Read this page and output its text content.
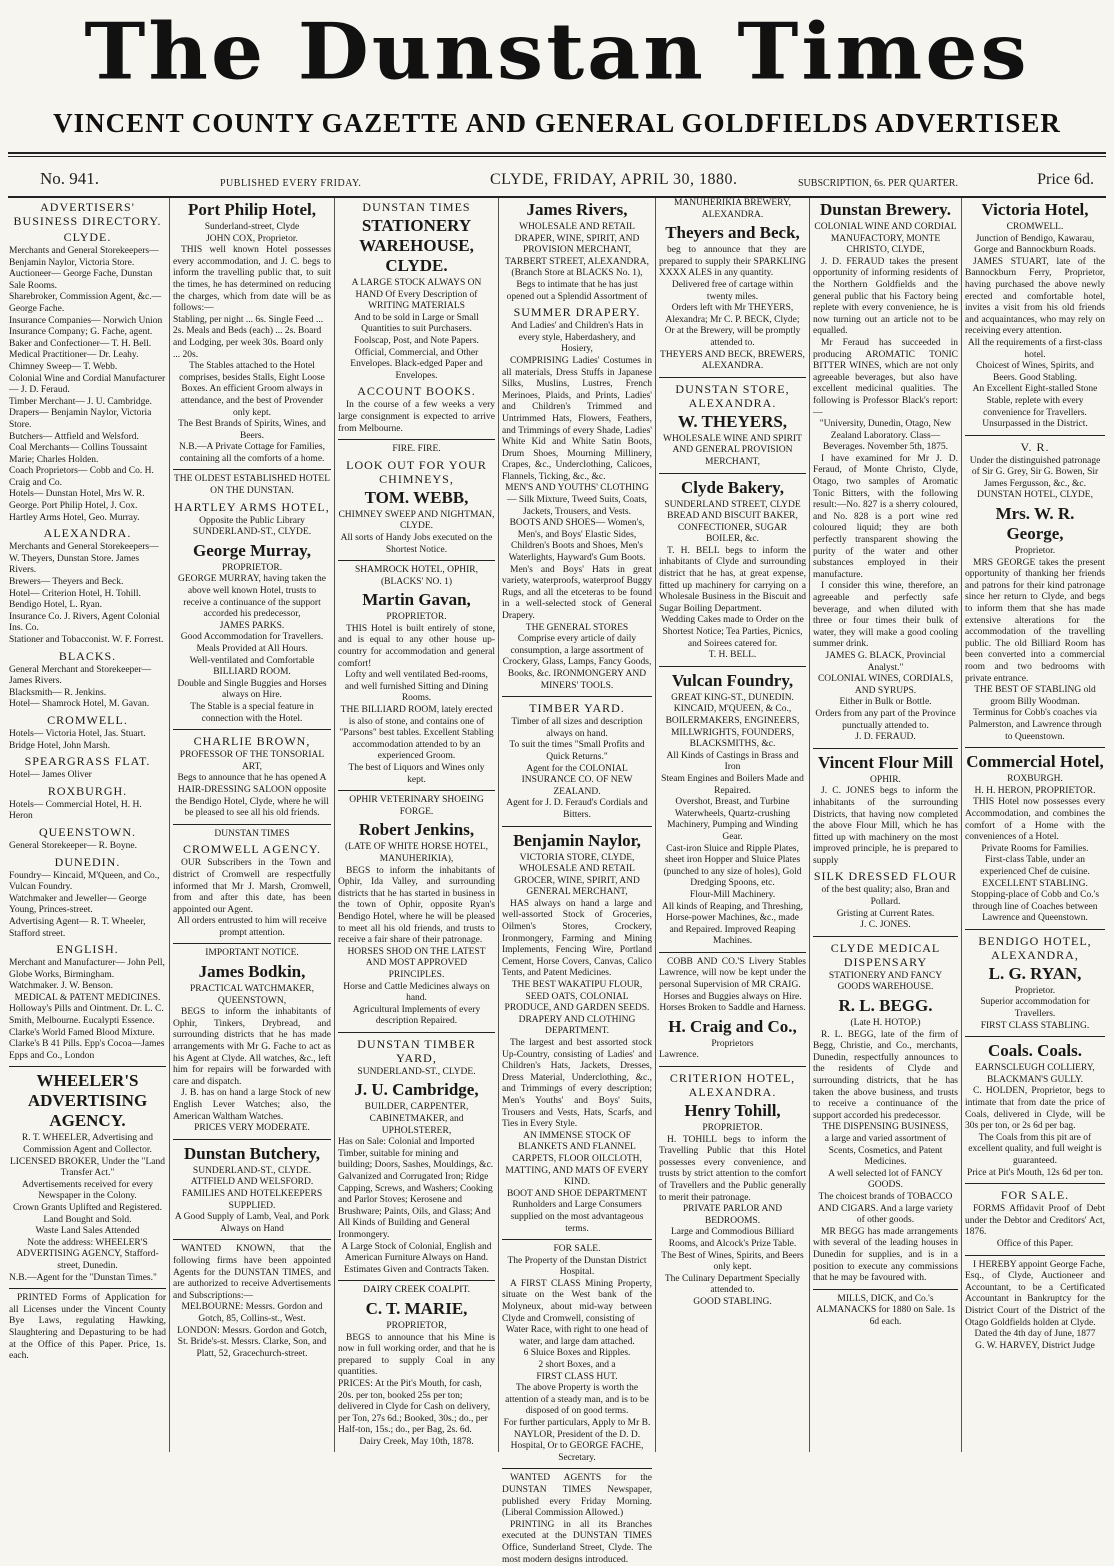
The Dunstan Times
VINCENT COUNTY GAZETTE AND GENERAL GOLDFIELDS ADVERTISER
No. 941.	PUBLISHED EVERY FRIDAY.	CLYDE, FRIDAY, APRIL 30, 1880.	SUBSCRIPTION, 6s. PER QUARTER.	Price 6d.
ADVERTISERS' BUSINESS DIRECTORY.
CLYDE.
Merchants and General Storekeepers— Benjamin Naylor, Victoria Store.
Auctioneer— George Fache, Dunstan Sale Rooms.
Sharebroker, Commission Agent, &c.— George Fache.
Insurance Companies— Norwich Union Insurance Company; G. Fache, agent.
Baker and Confectioner— T. H. Bell.
Medical Practitioner— Dr. Leahy.
Chimney Sweep— T. Webb.
Colonial Wine and Cordial Manufacturer— J. D. Feraud.
Timber Merchant— J. U. Cambridge.
Drapers— Benjamin Naylor, Victoria Store.
Butchers— Attfield and Welsford.
Coal Merchants— Collins Toussaint Marie; Charles Holden.
Coach Proprietors— Cobb and Co. H. Craig and Co.
Hotels— Dunstan Hotel, Mrs W. R. George. Port Philip Hotel, J. Cox. Hartley Arms Hotel, Geo. Murray.
ALEXANDRA.
Merchants and General Storekeepers— W. Theyers, Dunstan Store. James Rivers.
Brewers— Theyers and Beck.
Hotel— Criterion Hotel, H. Tohill. Bendigo Hotel, L. Ryan.
Insurance Co. J. Rivers, Agent Colonial Ins. Co.
Stationer and Tobacconist. W. F. Forrest.
BLACKS.
General Merchant and Storekeeper— James Rivers.
Blacksmith— R. Jenkins.
Hotel— Shamrock Hotel, M. Gavan.
CROMWELL.
Hotels— Victoria Hotel, Jas. Stuart. Bridge Hotel, John Marsh.
SPEARGRASS FLAT.
Hotel— James Oliver
ROXBURGH.
Hotels— Commercial Hotel, H. H. Heron
QUEENSTOWN.
General Storekeeper— R. Boyne.
DUNEDIN.
Foundry— Kincaid, M'Queen, and Co., Vulcan Foundry.
Watchmaker and Jeweller— George Young, Princes-street.
Advertising Agent— R. T. Wheeler, Stafford street.
ENGLISH.
Merchant and Manufacturer— John Pell, Globe Works, Birmingham.
Watchmaker. J. W. Benson.
MEDICAL & PATENT MEDICINES.
Holloway's Pills and Ointment. Dr. L. C. Smith, Melbourne. Eucalypti Essence. Clarke's World Famed Blood Mixture. Clarke's B 41 Pills. Epp's Cocoa—James Epps and Co., London
WHEELER'S ADVERTISING AGENCY.
R. T. WHEELER, Advertising and Commission Agent and Collector.
LICENSED BROKER, Under the "Land Transfer Act."
Advertisements received for every Newspaper in the Colony.
Crown Grants Uplifted and Registered.
Land Bought and Sold.
Waste Land Sales Attended
Note the address: WHEELER'S ADVERTISING AGENCY, Stafford-street, Dunedin.
N.B.—Agent for the "Dunstan Times."
PRINTED Forms of Application for all Licenses under the Vincent County Bye Laws, regulating Hawking, Slaughtering and Depasturing to be had at the Office of this Paper. Price, 1s. each.
Port Philip Hotel,
Sunderland-street, Clyde
JOHN COX, Proprietor.
THIS well known Hotel possesses every accommodation, and J. C. begs to inform the travelling public that, to suit the times, he has determined on reducing the charges, which from date will be as follows:—
Stabling, per night ... 6s. Single Feed ... 2s. Meals and Beds (each) ... 2s. Board and Lodging, per week 30s. Board only ... 20s.
The Stables attached to the Hotel comprises, besides Stalls, Eight Loose Boxes. An efficient Groom always in attendance, and the best of Provender only kept.
The Best Brands of Spirits, Wines, and Beers.
N.B.—A Private Cottage for Families, containing all the comforts of a home.
THE OLDEST ESTABLISHED HOTEL ON THE DUNSTAN.
HARTLEY ARMS HOTEL,
Opposite the Public Library SUNDERLAND-ST., CLYDE.
George Murray,
PROPRIETOR.
GEORGE MURRAY, having taken the above well known Hotel, trusts to receive a continuance of the support accorded his predecessor,
JAMES PARKS.
Good Accommodation for Travellers. Meals Provided at All Hours.
Well-ventilated and Comfortable BILLIARD ROOM.
Double and Single Buggies and Horses always on Hire.
The Stable is a special feature in connection with the Hotel.
CHARLIE BROWN,
PROFESSOR OF THE TONSORIAL ART,
Begs to announce that he has opened A HAIR-DRESSING SALOON opposite the Bendigo Hotel, Clyde, where he will be pleased to see all his old friends.
DUNSTAN TIMES
CROMWELL AGENCY.
OUR Subscribers in the Town and district of Cromwell are respectfully informed that Mr J. Marsh, Cromwell, from and after this date, has been appointed our Agent.
All orders entrusted to him will receive prompt attention.
IMPORTANT NOTICE.
James Bodkin,
PRACTICAL WATCHMAKER, QUEENSTOWN,
BEGS to inform the inhabitants of Ophir, Tinkers, Drybread, and surrounding districts that he has made arrangements with Mr G. Fache to act as his Agent at Clyde. All watches, &c., left him for repairs will be forwarded with care and dispatch.
J. B. has on hand a large Stock of new English Lever Watches; also, the American Waltham Watches.
PRICES VERY MODERATE.
Dunstan Butchery,
SUNDERLAND-ST., CLYDE.
ATTFIELD AND WELSFORD.
FAMILIES AND HOTELKEEPERS SUPPLIED.
A Good Supply of Lamb, Veal, and Pork Always on Hand
WANTED KNOWN, that the following firms have been appointed Agents for the DUNSTAN TIMES, and are authorized to receive Advertisements and Subscriptions:—
MELBOURNE: Messrs. Gordon and Gotch, 85, Collins-st., West.
LONDON: Messrs. Gordon and Gotch, St. Bride's-st. Messrs. Clarke, Son, and Platt, 52, Gracechurch-street.
DUNSTAN TIMES
STATIONERY WAREHOUSE, CLYDE.
A LARGE STOCK ALWAYS ON HAND Of Every Description of WRITING MATERIALS
And to be sold in Large or Small Quantities to suit Purchasers.
Foolscap, Post, and Note Papers. Official, Commercial, and Other Envelopes. Black-edged Paper and Envelopes.
ACCOUNT BOOKS.
In the course of a few weeks a very large consignment is expected to arrive from Melbourne.
FIRE. FIRE.
LOOK OUT FOR YOUR CHIMNEYS,
TOM. WEBB,
CHIMNEY SWEEP AND NIGHTMAN, CLYDE.
All sorts of Handy Jobs executed on the Shortest Notice.
SHAMROCK HOTEL, OPHIR, (BLACKS' NO. 1)
Martin Gavan,
PROPRIETOR.
THIS Hotel is built entirely of stone, and is equal to any other house up-country for accommodation and general comfort!
Lofty and well ventilated Bed-rooms, and well furnished Sitting and Dining Rooms.
THE BILLIARD ROOM, lately erected is also of stone, and contains one of "Parsons" best tables. Excellent Stabling accommodation attended to by an experienced Groom.
The best of Liquors and Wines only kept.
OPHIR VETERINARY SHOEING FORGE.
Robert Jenkins,
(LATE OF WHITE HORSE HOTEL, MANUHERIKIA),
BEGS to inform the inhabitants of Ophir, Ida Valley, and surrounding districts that he has started in business in the town of Ophir, opposite Ryan's Bendigo Hotel, where he will be pleased to meet all his old friends, and trusts to receive a fair share of their patronage.
HORSES SHOD ON THE LATEST AND MOST APPROVED PRINCIPLES.
Horse and Cattle Medicines always on hand.
Agricultural Implements of every description Repaired.
DUNSTAN TIMBER YARD,
SUNDERLAND-ST., CLYDE.
J. U. Cambridge,
BUILDER, CARPENTER, CABINETMAKER, and UPHOLSTERER,
Has on Sale: Colonial and Imported Timber, suitable for mining and building; Doors, Sashes, Mouldings, &c. Galvanized and Corrugated Iron; Ridge Capping, Screws, and Washers; Cooking and Parlor Stoves; Kerosene and Brushware; Paints, Oils, and Glass; And All Kinds of Building and General Ironmongery.
A Large Stock of Colonial, English and American Furniture Always on Hand.
Estimates Given and Contracts Taken.
DAIRY CREEK COALPIT.
C. T. MARIE,
PROPRIETOR,
BEGS to announce that his Mine is now in full working order, and that he is prepared to supply Coal in any quantities.
PRICES: At the Pit's Mouth, for cash, 20s. per ton, booked 25s per ton; delivered in Clyde for Cash on delivery, per Ton, 27s 6d.; Booked, 30s.; do., per Half-ton, 15s.; do., per Bag, 2s. 6d.
Dairy Creek, May 10th, 1878.
James Rivers,
WHOLESALE AND RETAIL DRAPER, WINE, SPIRIT, AND PROVISION MERCHANT, TARBERT STREET, ALEXANDRA, (Branch Store at BLACKS No. 1),
Begs to intimate that he has just opened out a Splendid Assortment of
SUMMER DRAPERY.
And Ladies' and Children's Hats in every style, Haberdashery, and Hosiery,
COMPRISING Ladies' Costumes in all materials, Dress Stuffs in Japanese Silks, Muslins, Lustres, French Merinoes, Plaids, and Prints, Ladies' and Children's Trimmed and Untrimmed Hats, Flowers, Feathers, and Trimmings of every Shade, Ladies' White Kid and White Satin Boots, Drum Shoes, Mourning Millinery, Crapes, &c., Underclothing, Calicoes, Flannels, Ticking, &c., &c.
MEN'S AND YOUTHS' CLOTHING— Silk Mixture, Tweed Suits, Coats, Jackets, Trousers, and Vests.
BOOTS AND SHOES— Women's, Men's, and Boys' Elastic Sides, Children's Boots and Shoes, Men's Waterlights, Hayward's Gum Boots.
Men's and Boys' Hats in great variety, waterproofs, waterproof Buggy Rugs, and all the etceteras to be found in a well-selected stock of General Drapery.
THE GENERAL STORES
Comprise every article of daily consumption, a large assortment of Crockery, Glass, Lamps, Fancy Goods, Books, &c. IRONMONGERY AND MINERS' TOOLS.
TIMBER YARD.
Timber of all sizes and description always on hand.
To suit the times "Small Profits and Quick Returns."
Agent for the COLONIAL INSURANCE CO. OF NEW ZEALAND.
Agent for J. D. Feraud's Cordials and Bitters.
Benjamin Naylor,
VICTORIA STORE, CLYDE,
WHOLESALE AND RETAIL GROCER, WINE, SPIRIT, AND GENERAL MERCHANT,
HAS always on hand a large and well-assorted Stock of Groceries, Oilmen's Stores, Crockery, Ironmongery, Farming and Mining Implements, Fencing Wire, Portland Cement, Horse Covers, Canvas, Calico Tents, and Patent Medicines.
THE BEST WAKATIPU FLOUR, SEED OATS, COLONIAL PRODUCE, AND GARDEN SEEDS.
DRAPERY AND CLOTHING DEPARTMENT.
The largest and best assorted stock Up-Country, consisting of Ladies' and Children's Hats, Jackets, Dresses, Dress Material, Underclothing, &c., and Trimmings of every description; Men's Youths' and Boys' Suits, Trousers and Vests, Hats, Scarfs, and Ties in Every Style.
AN IMMENSE STOCK OF BLANKETS AND FLANNEL
CARPETS, FLOOR OILCLOTH, MATTING, AND MATS OF EVERY KIND.
BOOT AND SHOE DEPARTMENT
Runholders and Large Consumers supplied on the most advantageous terms.
FOR SALE.
The Property of the Dunstan District Hospital.
A FIRST CLASS Mining Property, situate on the West bank of the Molyneux, about mid-way between Clyde and Cromwell, consisting of
Water Race, with right to one head of water, and large dam attached.
6 Sluice Boxes and Ripples.
2 short Boxes, and a
FIRST CLASS HUT.
The above Property is worth the attention of a steady man, and is to be disposed of on good terms.
For further particulars, Apply to Mr B. NAYLOR, President of the D. D. Hospital, Or to GEORGE FACHE, Secretary.
WANTED AGENTS for the DUNSTAN TIMES Newspaper, published every Friday Morning. (Liberal Commission Allowed.)
PRINTING in all its Branches executed at the DUNSTAN TIMES Office, Sunderland Street, Clyde. The most modern designs introduced.
MANUHERIKIA BREWERY, ALEXANDRA.
Theyers and Beck,
beg to announce that they are prepared to supply their SPARKLING XXXX ALES in any quantity.
Delivered free of cartage within twenty miles.
Orders left with Mr THEYERS, Alexandra; Mr C. P. BECK, Clyde;
Or at the Brewery, will be promptly attended to.
THEYERS AND BECK, BREWERS, ALEXANDRA.
DUNSTAN STORE, ALEXANDRA.
W. THEYERS,
WHOLESALE WINE AND SPIRIT AND GENERAL PROVISION MERCHANT,
Clyde Bakery,
SUNDERLAND STREET, CLYDE
BREAD AND BISCUIT BAKER, CONFECTIONER, SUGAR BOILER, &c.
T. H. BELL begs to inform the inhabitants of Clyde and surrounding district that he has, at great expense, fitted up machinery for carrying on a Wholesale Business in the Biscuit and Sugar Boiling Department.
Wedding Cakes made to Order on the Shortest Notice; Tea Parties, Picnics, and Soirees catered for.
T. H. BELL.
Vulcan Foundry,
GREAT KING-ST., DUNEDIN.
KINCAID, M'QUEEN, & Co., BOILERMAKERS, ENGINEERS, MILLWRIGHTS, FOUNDERS, BLACKSMITHS, &c.
All Kinds of Castings in Brass and Iron
Steam Engines and Boilers Made and Repaired.
Overshot, Breast, and Turbine Waterwheels, Quartz-crushing Machinery, Pumping and Winding Gear.
Cast-iron Sluice and Ripple Plates, sheet iron Hopper and Sluice Plates (punched to any size of holes), Gold Dredging Spoons, etc.
Flour-Mill Machinery.
All kinds of Reaping, and Threshing, Horse-power Machines, &c., made and Repaired. Improved Reaping Machines.
COBB AND CO.'S Livery Stables Lawrence, will now be kept under the personal Supervision of MR CRAIG.
Horses and Buggies always on Hire. Horses Broken to Saddle and Harness.
H. Craig and Co.,
Proprietors
Lawrence.
CRITERION HOTEL, ALEXANDRA.
Henry Tohill,
PROPRIETOR.
H. TOHILL begs to inform the Travelling Public that this Hotel possesses every convenience, and trusts by strict attention to the comfort of Travellers and the Public generally to merit their patronage.
PRIVATE PARLOR AND BEDROOMS.
Large and Commodious Billiard Rooms, and Alcock's Prize Table.
The Best of Wines, Spirits, and Beers only kept.
The Culinary Department Specially attended to.
GOOD STABLING.
Dunstan Brewery.
COLONIAL WINE AND CORDIAL MANUFACTORY, MONTE CHRISTO, CLYDE,
J. D. FERAUD takes the present opportunity of informing residents of the Northern Goldfields and the general public that his Factory being replete with every convenience, he is now turning out an article not to be equalled.
Mr Feraud has succeeded in producing AROMATIC TONIC BITTER WINES, which are not only agreeable beverages, but also have excellent medicinal qualities. The following is Professor Black's report:—
"University, Dunedin, Otago, New Zealand Laboratory. Class—Beverages. November 5th, 1875.
I have examined for Mr J. D. Feraud, of Monte Christo, Clyde, Otago, two samples of Aromatic Tonic Bitters, with the following result:—No. 827 is a sherry coloured, and No. 828 is a port wine red coloured liquid; they are both perfectly transparent showing the purity of the water and other substances employed in their manufacture.
I consider this wine, therefore, an agreeable and perfectly safe beverage, and when diluted with three or four times their bulk of water, they will make a good cooling summer drink.
JAMES G. BLACK, Provincial Analyst."
COLONIAL WINES, CORDIALS, AND SYRUPS.
Either in Bulk or Bottle.
Orders from any part of the Province punctually attended to.
J. D. FERAUD.
Vincent Flour Mill
OPHIR.
J. C. JONES begs to inform the inhabitants of the surrounding Districts, that having now completed the above Flour Mill, which he has fitted up with machinery on the most improved principle, he is prepared to supply
SILK DRESSED FLOUR
of the best quality; also, Bran and Pollard.
Gristing at Current Rates.
J. C. JONES.
CLYDE MEDICAL DISPENSARY
STATIONERY AND FANCY GOODS WAREHOUSE.
R. L. BEGG.
(Late H. HOTOP.)
R. L. BEGG, late of the firm of Begg, Christie, and Co., merchants, Dunedin, respectfully announces to the residents of Clyde and surrounding districts, that he has taken the above business, and trusts to receive a continuance of the support accorded his predecessor.
THE DISPENSING BUSINESS,
a large and varied assortment of Scents, Cosmetics, and Patent Medicines.
A well selected lot of FANCY GOODS.
The choicest brands of TOBACCO AND CIGARS. And a large variety of other goods.
MR BEGG has made arrangements with several of the leading houses in Dunedin for supplies, and is in a position to execute any commissions that he may be favoured with.
MILLS, DICK, and Co.'s ALMANACKS for 1880 on Sale. 1s 6d each.
Victoria Hotel,
CROMWELL.
Junction of Bendigo, Kawarau, Gorge and Bannockburn Roads.
JAMES STUART, late of the Bannockburn Ferry, Proprietor, having purchased the above newly erected and comfortable hotel, invites a visit from his old friends and acquaintances, who may rely on receiving every attention.
All the requirements of a first-class hotel.
Choicest of Wines, Spirits, and Beers. Good Stabling.
An Excellent Eight-stalled Stone Stable, replete with every convenience for Travellers. Unsurpassed in the District.
V. R.
Under the distinguished patronage of Sir G. Grey, Sir G. Bowen, Sir James Fergusson, &c., &c.
DUNSTAN HOTEL, CLYDE,
Mrs. W. R. George,
Proprietor.
MRS GEORGE takes the present opportunity of thanking her friends and patrons for their kind patronage since her return to Clyde, and begs to inform them that she has made extensive alterations for the accommodation of the travelling public. The old Billiard Room has been converted into a commercial room and two bedrooms with private entrance.
THE BEST OF STABLING old groom Billy Woodman.
Terminus for Cobb's coaches via Palmerston, and Lawrence through to Queenstown.
Commercial Hotel,
ROXBURGH.
H. H. HERON, PROPRIETOR.
THIS Hotel now possesses every Accommodation, and combines the comfort of a Home with the conveniences of a Hotel.
Private Rooms for Families.
First-class Table, under an experienced Chef de cuisine.
EXCELLENT STABLING.
Stopping-place of Cobb and Co.'s through line of Coaches between Lawrence and Queenstown.
BENDIGO HOTEL, ALEXANDRA,
L. G. RYAN,
Proprietor.
Superior accommodation for Travellers.
FIRST CLASS STABLING.
Coals. Coals.
EARNSCLEUGH COLLIERY, BLACKMAN'S GULLY.
C. HOLDEN, Proprietor, begs to intimate that from date the price of Coals, delivered in Clyde, will be 30s per ton, or 2s 6d per bag.
The Coals from this pit are of excellent quality, and full weight is guaranteed.
Price at Pit's Mouth, 12s 6d per ton.
FOR SALE.
FORMS Affidavit Proof of Debt under the Debtor and Creditors' Act, 1876.
Office of this Paper.
I HEREBY appoint George Fache, Esq., of Clyde, Auctioneer and Accountant, to be a Certificated Accountant in Bankruptcy for the District Court of the District of the Otago Goldfields holden at Clyde.
Dated the 4th day of June, 1877
G. W. HARVEY, District Judge
